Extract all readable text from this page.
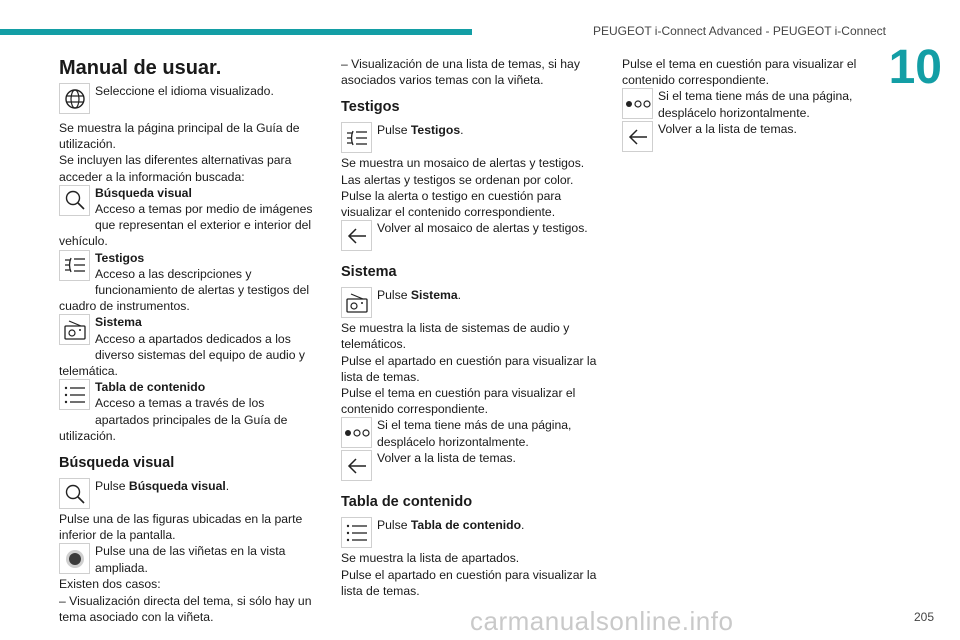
PEUGEOT i-Connect Advanced - PEUGEOT i-Connect
10
Manual de usuar.
Seleccione el idioma visualizado.

Se muestra la página principal de la Guía de utilización.

Se incluyen las diferentes alternativas para acceder a la información buscada:

Búsqueda visual
Acceso a temas por medio de imágenes que representan el exterior e interior del vehículo.
Testigos
Acceso a las descripciones y funcionamiento de alertas y testigos del cuadro de instrumentos.
Sistema
Acceso a apartados dedicados a los diverso sistemas del equipo de audio y telemática.
Tabla de contenido
Acceso a temas a través de los apartados principales de la Guía de utilización.
Búsqueda visual
Pulse Búsqueda visual.

Pulse una de las figuras ubicadas en la parte inferior de la pantalla.

Pulse una de las viñetas en la vista ampliada.

Existen dos casos:

– Visualización directa del tema, si sólo hay un tema asociado con la viñeta.

– Visualización de una lista de temas, si hay asociados varios temas con la viñeta.

Testigos
Pulse Testigos.

Se muestra un mosaico de alertas y testigos.

Las alertas y testigos se ordenan por color.

Pulse la alerta o testigo en cuestión para visualizar el contenido correspondiente.

Volver al mosaico de alertas y testigos.
Sistema
Pulse Sistema.

Se muestra la lista de sistemas de audio y telemáticos.

Pulse el apartado en cuestión para visualizar la lista de temas.

Pulse el tema en cuestión para visualizar el contenido correspondiente.

Si el tema tiene más de una página, desplácelo horizontalmente.
Volver a la lista de temas.
Tabla de contenido
Pulse Tabla de contenido.

Se muestra la lista de apartados.

Pulse el apartado en cuestión para visualizar la lista de temas.

Pulse el tema en cuestión para visualizar el contenido correspondiente.

Si el tema tiene más de una página, desplácelo horizontalmente.
Volver a la lista de temas.
carmanualsonline.info	205
